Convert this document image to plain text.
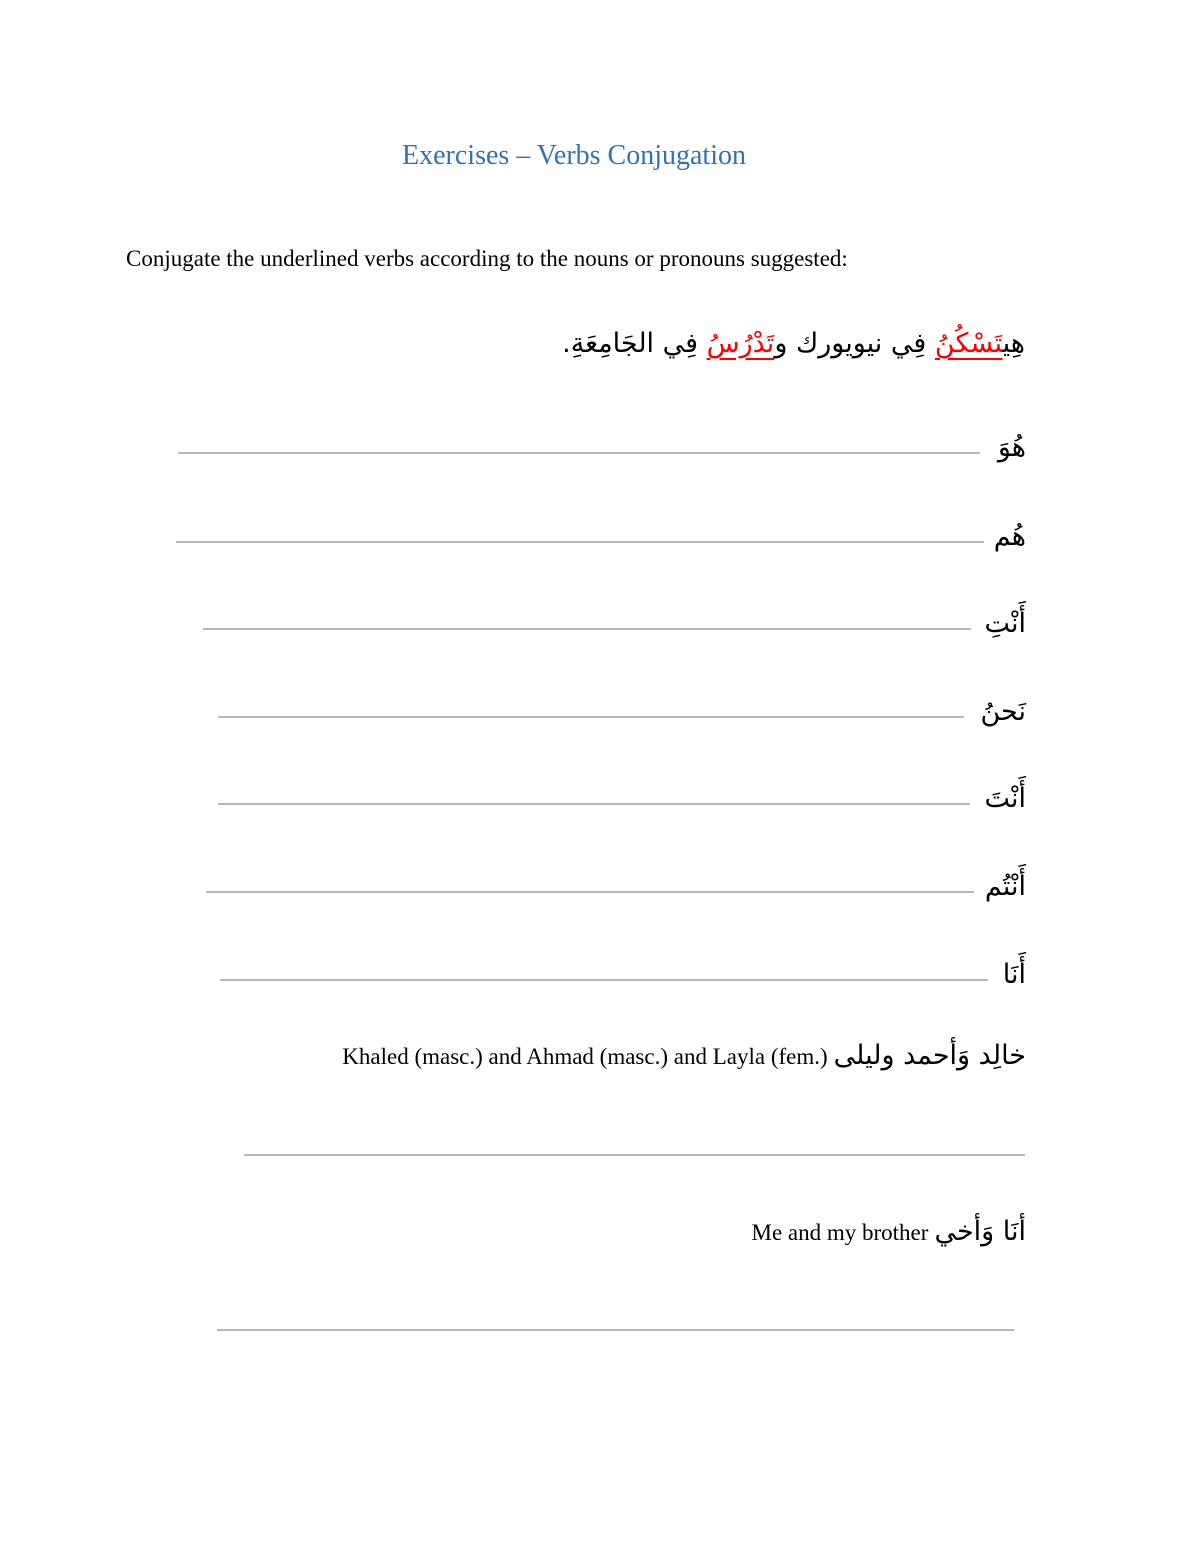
Exercises – Verbs Conjugation
Conjugate the underlined verbs according to the nouns or pronouns suggested:
هِيتَسْكُنُ فِي نيويورك وتَدْرُسُ فِي الجَامِعَةِ.
هُوَ
هُم
أَنْتِ
نَحنُ
أَنْتَ
أَنْتُم
أَنَا
Khaled (masc.) and Ahmad (masc.) and Layla (fem.) خالِد وَأحمد وليلى
Me and my brother أنَا وَأخي
